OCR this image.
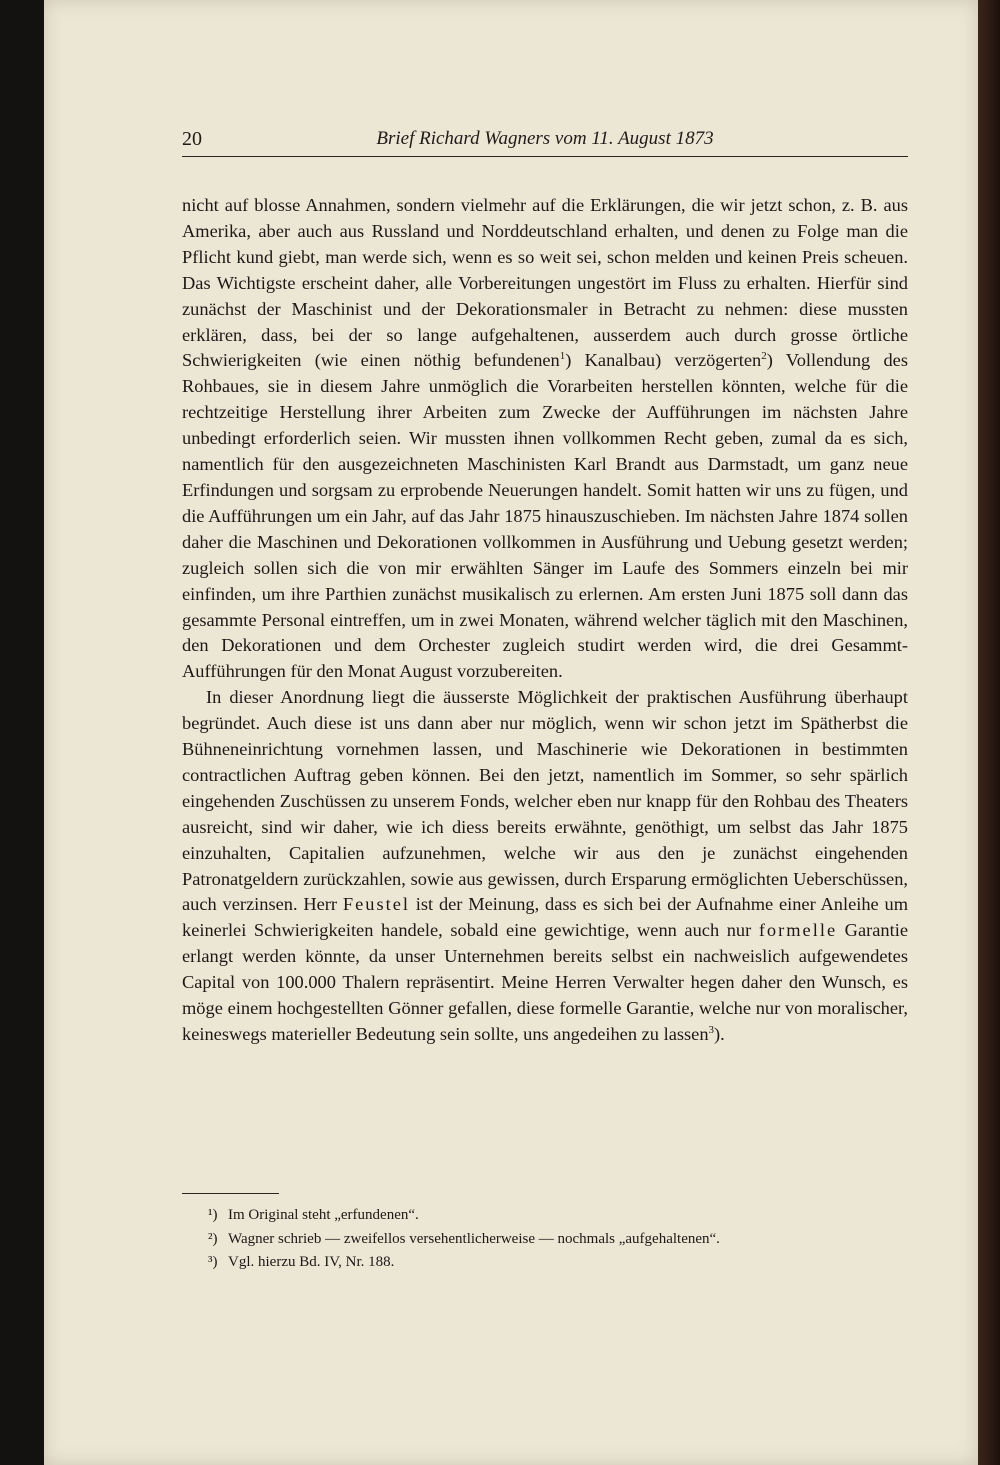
20	Brief Richard Wagners vom 11. August 1873

nicht auf blosse Annahmen, sondern vielmehr auf die Erklärungen, die wir jetzt schon, z. B. aus Amerika, aber auch aus Russland und Norddeutschland erhalten, und denen zu Folge man die Pflicht kund giebt, man werde sich, wenn es so weit sei, schon melden und keinen Preis scheuen. Das Wichtigste erscheint daher, alle Vorbereitungen ungestört im Fluss zu erhalten. Hierfür sind zunächst der Maschinist und der Dekorationsmaler in Betracht zu nehmen: diese mussten erklären, dass, bei der so lange aufgehaltenen, ausserdem auch durch grosse örtliche Schwierigkeiten (wie einen nöthig befundenen$^1$) Kanalbau) verzögerten$^2$) Vollendung des Rohbaues, sie in diesem Jahre unmöglich die Vorarbeiten herstellen könnten, welche für die rechtzeitige Herstellung ihrer Arbeiten zum Zwecke der Aufführungen im nächsten Jahre unbedingt erforderlich seien. Wir mussten ihnen vollkommen Recht geben, zumal da es sich, namentlich für den ausgezeichneten Maschinisten Karl Brandt aus Darmstadt, um ganz neue Erfindungen und sorgsam zu erprobende Neuerungen handelt. Somit hatten wir uns zu fügen, und die Aufführungen um ein Jahr, auf das Jahr 1875 hinauszuschieben. Im nächsten Jahre 1874 sollen daher die Maschinen und Dekorationen vollkommen in Ausführung und Uebung gesetzt werden; zugleich sollen sich die von mir erwählten Sänger im Laufe des Sommers einzeln bei mir einfinden, um ihre Parthien zunächst musikalisch zu erlernen. Am ersten Juni 1875 soll dann das gesammte Personal eintreffen, um in zwei Monaten, während welcher täglich mit den Maschinen, den Dekorationen und dem Orchester zugleich studirt werden wird, die drei Gesammt-Aufführungen für den Monat August vorzubereiten.

In dieser Anordnung liegt die äusserste Möglichkeit der praktischen Ausführung überhaupt begründet. Auch diese ist uns dann aber nur möglich, wenn wir schon jetzt im Spätherbst die Bühneneinrichtung vornehmen lassen, und Maschinerie wie Dekorationen in bestimmten contractlichen Auftrag geben können. Bei den jetzt, namentlich im Sommer, so sehr spärlich eingehenden Zuschüssen zu unserem Fonds, welcher eben nur knapp für den Rohbau des Theaters ausreicht, sind wir daher, wie ich diess bereits erwähnte, genöthigt, um selbst das Jahr 1875 einzuhalten, Capitalien aufzunehmen, welche wir aus den je zunächst eingehenden Patronatgeldern zurückzahlen, sowie aus gewissen, durch Ersparung ermöglichten Ueberschüssen, auch verzinsen. Herr Feustel ist der Meinung, dass es sich bei der Aufnahme einer Anleihe um keinerlei Schwierigkeiten handele, sobald eine gewichtige, wenn auch nur formelle Garantie erlangt werden könnte, da unser Unternehmen bereits selbst ein nachweislich aufgewendetes Capital von 100.000 Thalern repräsentirt. Meine Herren Verwalter hegen daher den Wunsch, es möge einem hochgestellten Gönner gefallen, diese formelle Garantie, welche nur von moralischer, keineswegs materieller Bedeutung sein sollte, uns angedeihen zu lassen$^3$).

¹) Im Original steht „erfundenen“.

²) Wagner schrieb — zweifellos versehentlicherweise — nochmals „aufgehaltenen“.

³) Vgl. hierzu Bd. IV, Nr. 188.
